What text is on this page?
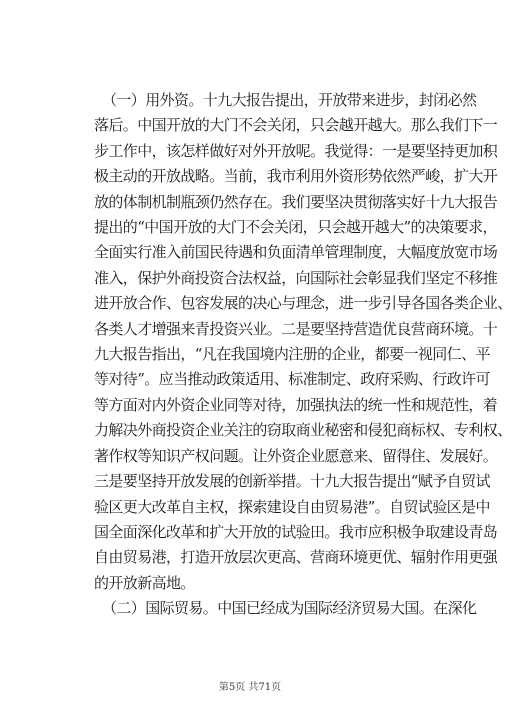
（一）用外资。十九大报告提出，开放带来进步，封闭必然
落后。中国开放的大门不会关闭，只会越开越大。那么我们下一
步工作中，该怎样做好对外开放呢。我觉得：一是要坚持更加积
极主动的开放战略。当前，我市利用外资形势依然严峻，扩大开
放的体制机制瓶颈仍然存在。我们要坚决贯彻落实好十九大报告
提出的“中国开放的大门不会关闭，只会越开越大”的决策要求，
全面实行准入前国民待遇和负面清单管理制度，大幅度放宽市场
准入，保护外商投资合法权益，向国际社会彰显我们坚定不移推
进开放合作、包容发展的决心与理念，进一步引导各国各类企业、
各类人才增强来青投资兴业。二是要坚持营造优良营商环境。十
九大报告指出，“凡在我国境内注册的企业，都要一视同仁、平
等对待”。应当推动政策适用、标准制定、政府采购、行政许可
等方面对内外资企业同等对待，加强执法的统一性和规范性，着
力解决外商投资企业关注的窃取商业秘密和侵犯商标权、专利权、
著作权等知识产权问题。让外资企业愿意来、留得住、发展好。
三是要坚持开放发展的创新举措。十九大报告提出“赋予自贸试
验区更大改革自主权，探索建设自由贸易港”。自贸试验区是中
国全面深化改革和扩大开放的试验田。我市应积极争取建设青岛
自由贸易港，打造开放层次更高、营商环境更优、辐射作用更强
的开放新高地。
（二）国际贸易。中国已经成为国际经济贸易大国。在深化
第5页 共71页
